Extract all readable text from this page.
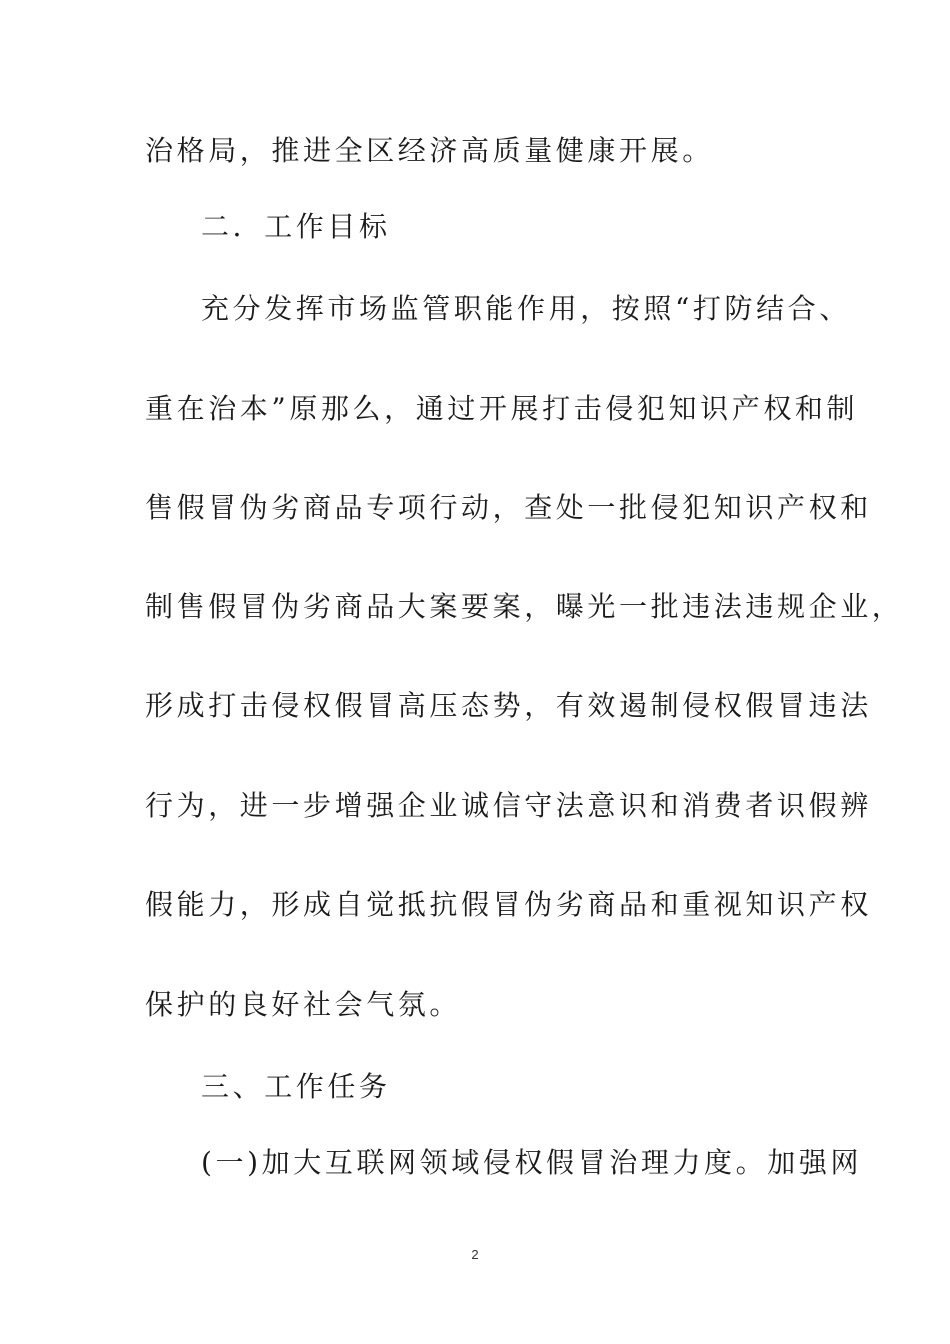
治格局，推进全区经济高质量健康开展。
二．工作目标
充分发挥市场监管职能作用，按照“打防结合、
重在治本”原那么，通过开展打击侵犯知识产权和制
售假冒伪劣商品专项行动，查处一批侵犯知识产权和
制售假冒伪劣商品大案要案，曝光一批违法违规企业，
形成打击侵权假冒高压态势，有效遏制侵权假冒违法
行为，进一步增强企业诚信守法意识和消费者识假辨
假能力，形成自觉抵抗假冒伪劣商品和重视知识产权
保护的良好社会气氛。
三、工作任务
(一)加大互联网领域侵权假冒治理力度。加强网
2
